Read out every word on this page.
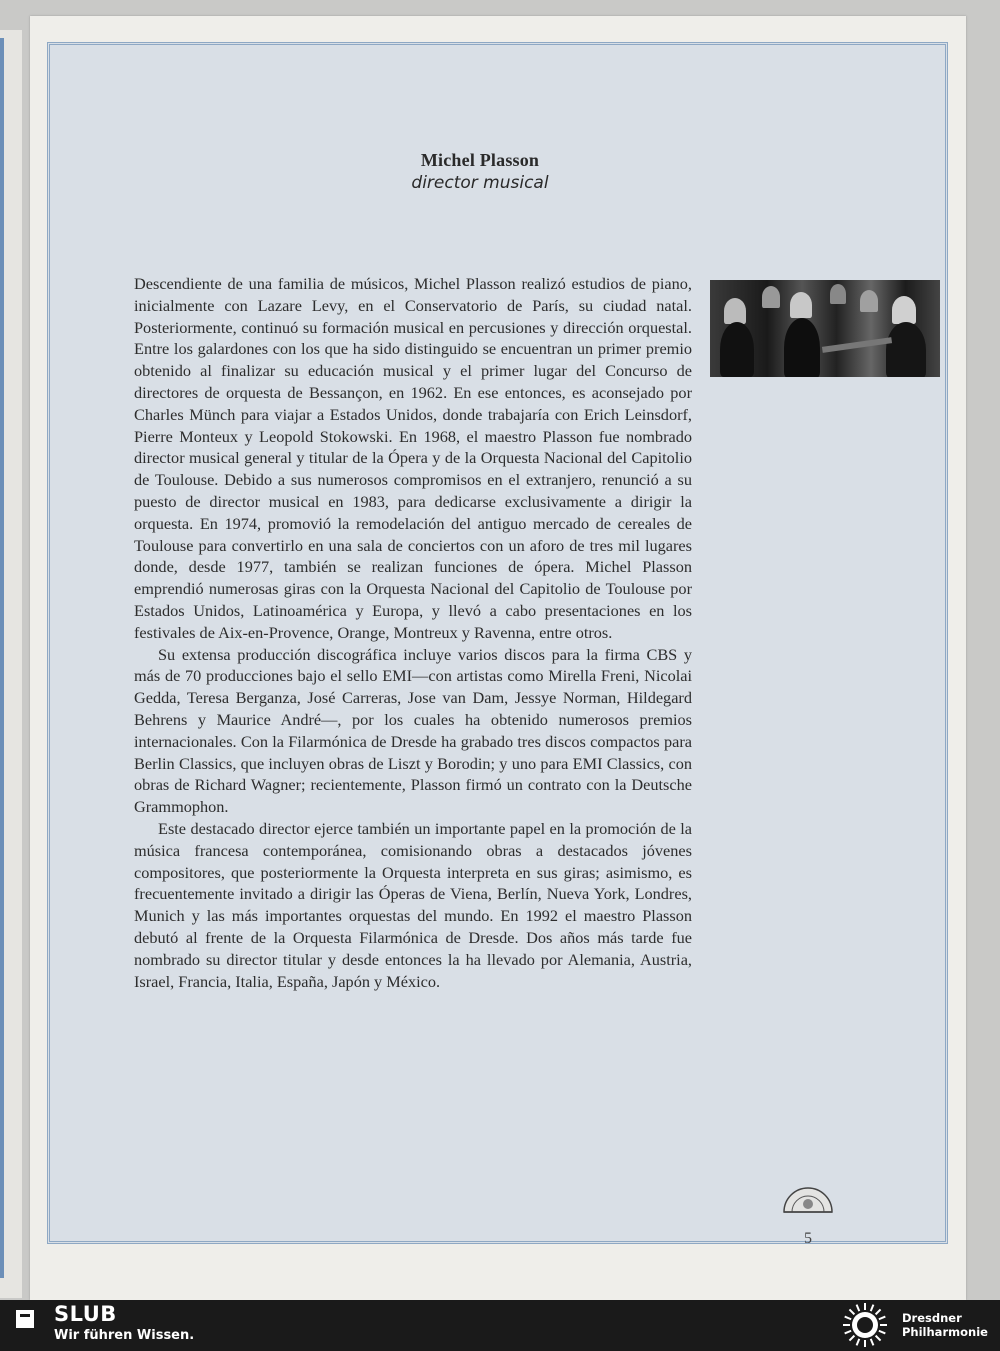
Michel Plasson
director musical

Descendiente de una familia de músicos, Michel Plasson realizó estudios de piano, inicialmente con Lazare Levy, en el Conservatorio de París, su ciudad natal. Posteriormente, continuó su formación musical en percusiones y dirección orquestal. Entre los galardones con los que ha sido distinguido se encuentran un primer premio obtenido al finalizar su educación musical y el primer lugar del Concurso de directores de orquesta de Bessançon, en 1962. En ese entonces, es aconsejado por Charles Münch para viajar a Estados Unidos, donde trabajaría con Erich Leinsdorf, Pierre Monteux y Leopold Stokowski. En 1968, el maestro Plasson fue nombrado director musical general y titular de la Ópera y de la Orquesta Nacional del Capitolio de Toulouse. Debido a sus numerosos compromisos en el extranjero, renunció a su puesto de director musical en 1983, para dedicarse exclusivamente a dirigir la orquesta. En 1974, promovió la remodelación del antiguo mercado de cereales de Toulouse para convertirlo en una sala de conciertos con un aforo de tres mil lugares donde, desde 1977, también se realizan funciones de ópera. Michel Plasson emprendió numerosas giras con la Orquesta Nacional del Capitolio de Toulouse por Estados Unidos, Latinoamérica y Europa, y llevó a cabo presentaciones en los festivales de Aix-en-Provence, Orange, Montreux y Ravenna, entre otros.

Su extensa producción discográfica incluye varios discos para la firma CBS y más de 70 producciones bajo el sello EMI—con artistas como Mirella Freni, Nicolai Gedda, Teresa Berganza, José Carreras, Jose van Dam, Jessye Norman, Hildegard Behrens y Maurice André—, por los cuales ha obtenido numerosos premios internacionales. Con la Filarmónica de Dresde ha grabado tres discos compactos para Berlin Classics, que incluyen obras de Liszt y Borodin; y uno para EMI Classics, con obras de Richard Wagner; recientemente, Plasson firmó un contrato con la Deutsche Grammophon.

Este destacado director ejerce también un importante papel en la promoción de la música francesa contemporánea, comisionando obras a destacados jóvenes compositores, que posteriormente la Orquesta interpreta en sus giras; asimismo, es frecuentemente invitado a dirigir las Óperas de Viena, Berlín, Nueva York, Londres, Munich y las más importantes orquestas del mundo. En 1992 el maestro Plasson debutó al frente de la Orquesta Filarmónica de Dresde. Dos años más tarde fue nombrado su director titular y desde entonces la ha llevado por Alemania, Austria, Israel, Francia, Italia, España, Japón y México.

5
SLUB
Wir führen Wissen.
Dresdner
Philharmonie
